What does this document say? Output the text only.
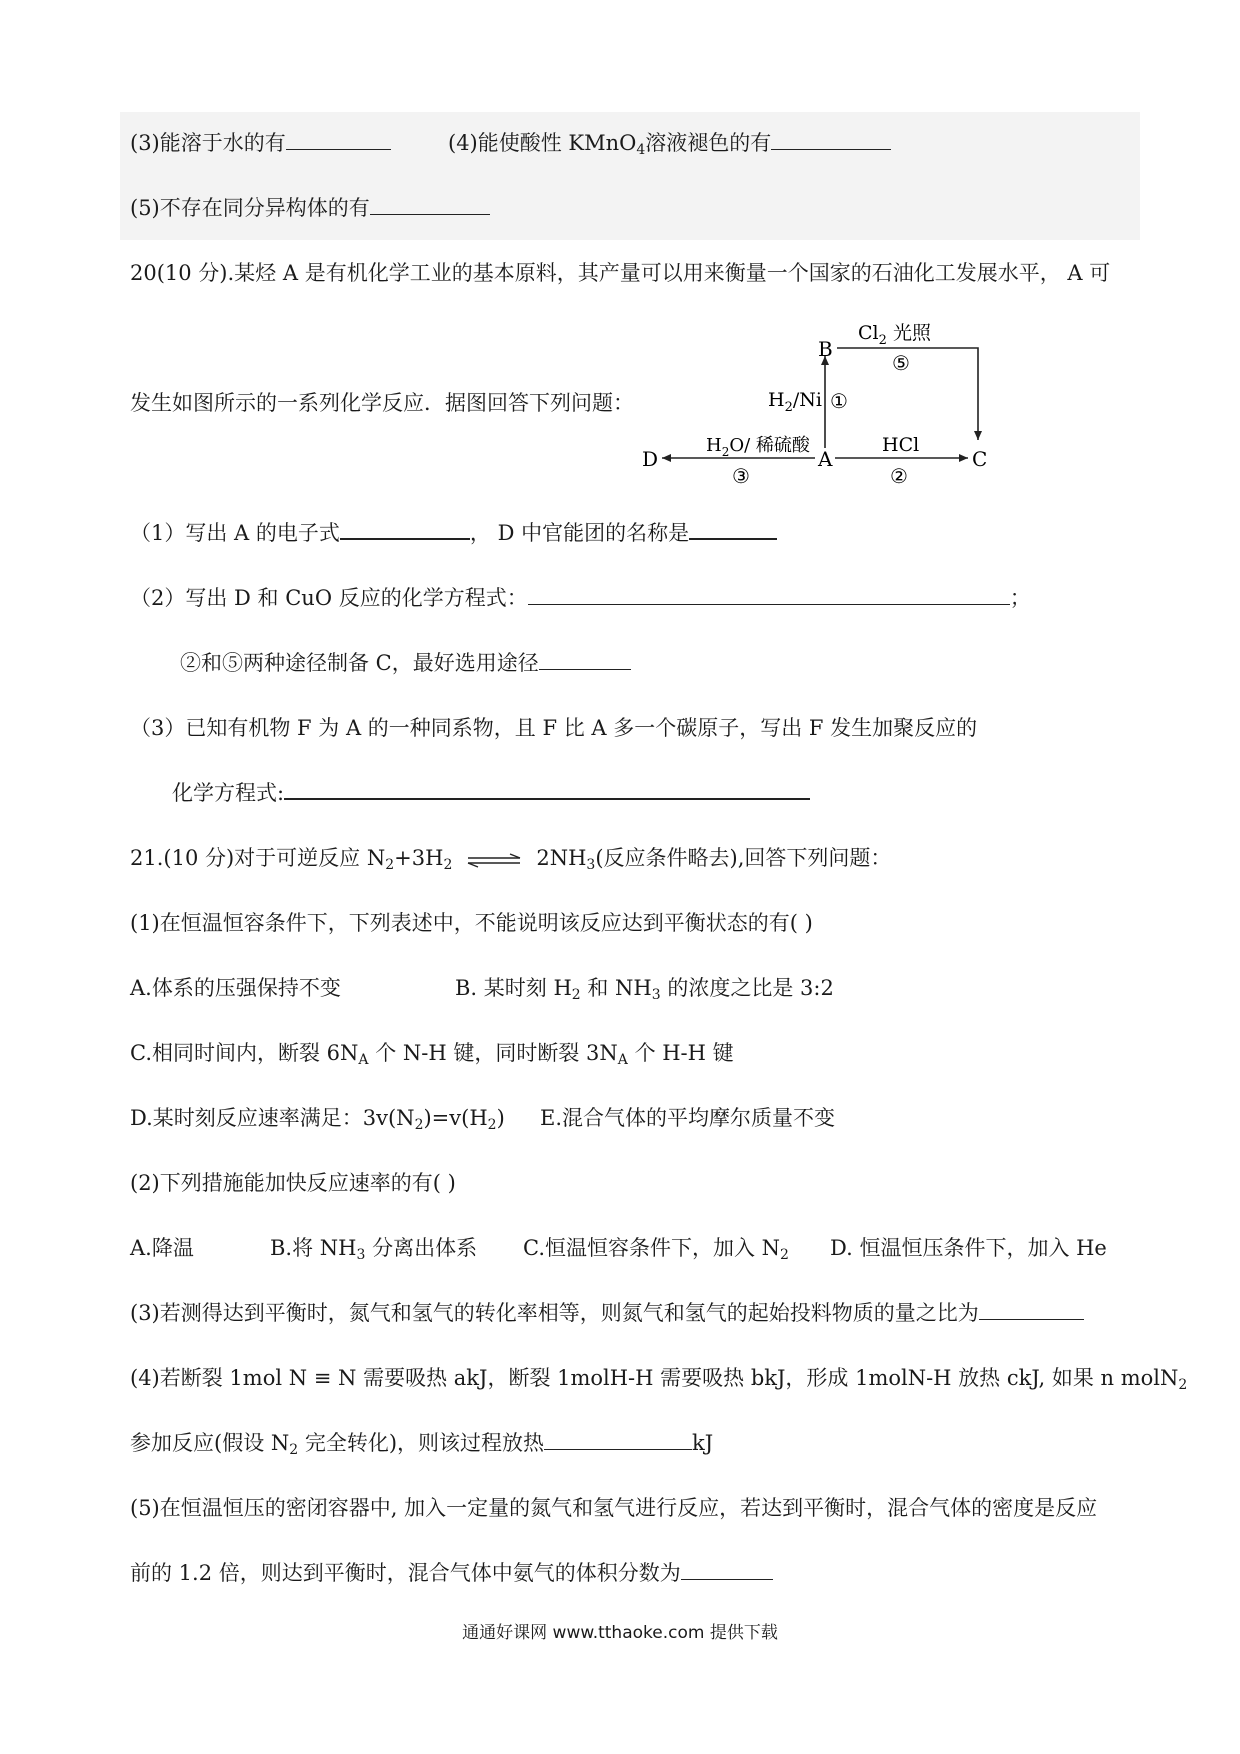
(3)能溶于水的有	(4)能使酸性 KMnO$_4$溶液褪色的有
(5)不存在同分异构体的有
20(10 分).某烃 A 是有机化学工业的基本原料，其产量可以用来衡量一个国家的石油化工发展水平， A 可
发生如图所示的一系列化学反应．据图回答下列问题：
A
B
C
D
$H_2/Ni$ ①
$Cl_2$ 光照
⑤
HCl
②
$H_2O/$ 稀硫酸
③
（1）写出 A 的电子式	， D 中官能团的名称是
（2）写出 D 和 CuO 反应的化学方程式：	；
②和⑤两种途径制备 C，最好选用途径
（3）已知有机物 F 为 A 的一种同系物，且 F 比 A 多一个碳原子，写出 F 发生加聚反应的
化学方程式:
21.(10 分)对于可逆反应 $N_2+3H_2$ ⇌ $2NH_3$(反应条件略去),回答下列问题：
(1)在恒温恒容条件下，下列表述中，不能说明该反应达到平衡状态的有( )
A.体系的压强保持不变	B. 某时刻 $H_2$ 和 $NH_3$ 的浓度之比是 3:2
C.相同时间内，断裂 $6N_A$ 个 N-H 键，同时断裂 $3N_A$ 个 H-H 键
D.某时刻反应速率满足：$3v(N_2)=v(H_2)$ E.混合气体的平均摩尔质量不变
(2)下列措施能加快反应速率的有( )
A.降温	B.将 $NH_3$ 分离出体系 C.恒温恒容条件下，加入 $N_2$ D. 恒温恒压条件下，加入 He
(3)若测得达到平衡时，氮气和氢气的转化率相等，则氮气和氢气的起始投料物质的量之比为
(4)若断裂 1mol N ≡ N 需要吸热 akJ，断裂 1molH-H 需要吸热 bkJ，形成 1molN-H 放热 ckJ, 如果 n molN$_2$
参加反应(假设 $N_2$ 完全转化)，则该过程放热	kJ
(5)在恒温恒压的密闭容器中, 加入一定量的氮气和氢气进行反应，若达到平衡时，混合气体的密度是反应
前的 1.2 倍，则达到平衡时，混合气体中氨气的体积分数为
通通好课网 www.tthaoke.com 提供下载
